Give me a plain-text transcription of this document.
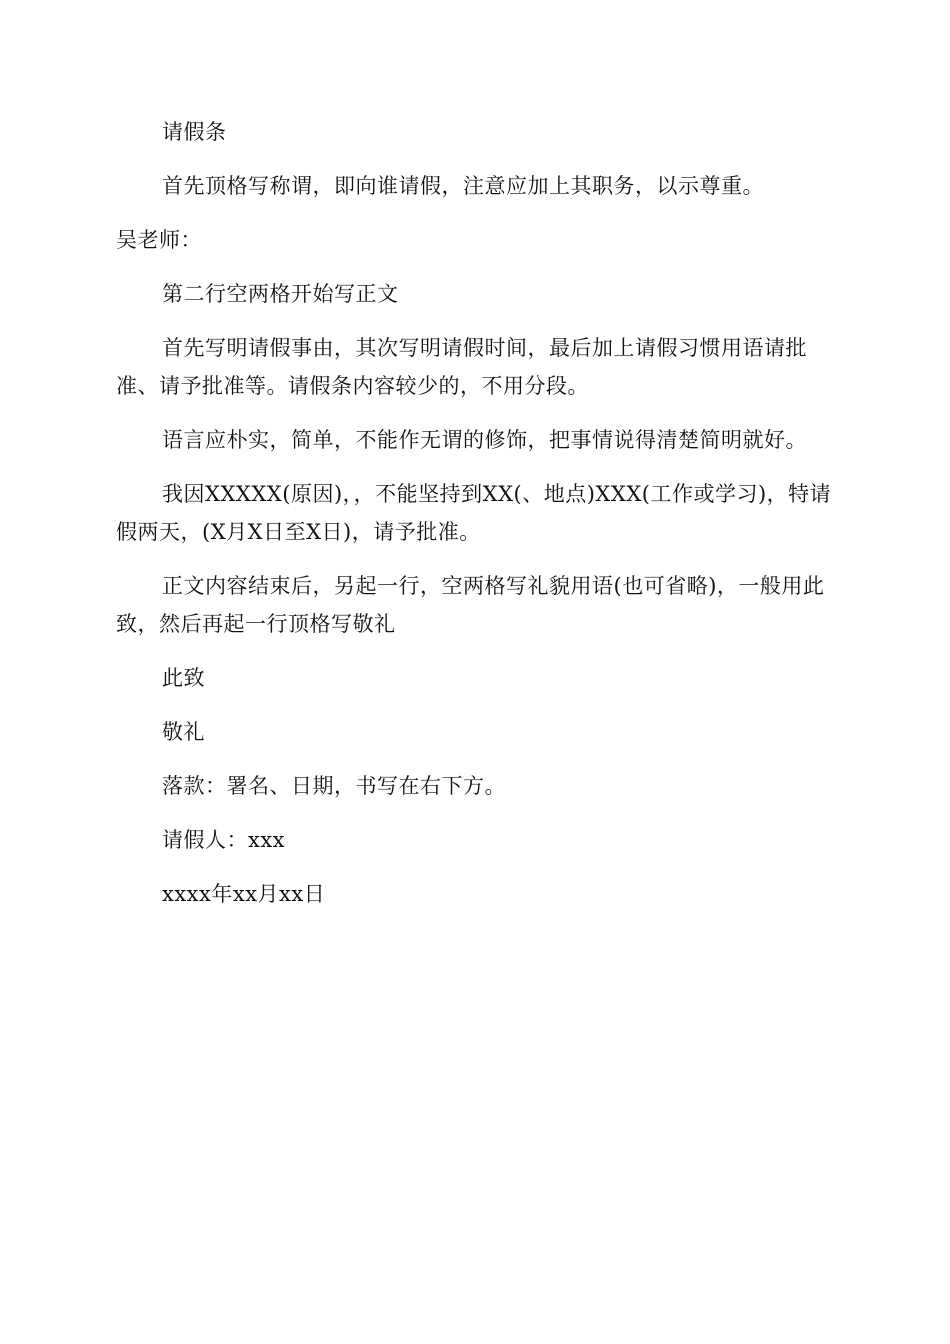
请假条

首先顶格写称谓，即向谁请假，注意应加上其职务，以示尊重。

吴老师：

第二行空两格开始写正文

首先写明请假事由，其次写明请假时间，最后加上请假习惯用语请批准、请予批准等。请假条内容较少的，不用分段。

语言应朴实，简单，不能作无谓的修饰，把事情说得清楚简明就好。

我因XXXXX(原因)，，不能坚持到XX(、地点)XXX(工作或学习)，特请假两天，(X月X日至X日)，请予批准。

正文内容结束后，另起一行，空两格写礼貌用语(也可省略)，一般用此致，然后再起一行顶格写敬礼

此致

敬礼

落款：署名、日期，书写在右下方。

请假人：xxx

xxxx年xx月xx日
